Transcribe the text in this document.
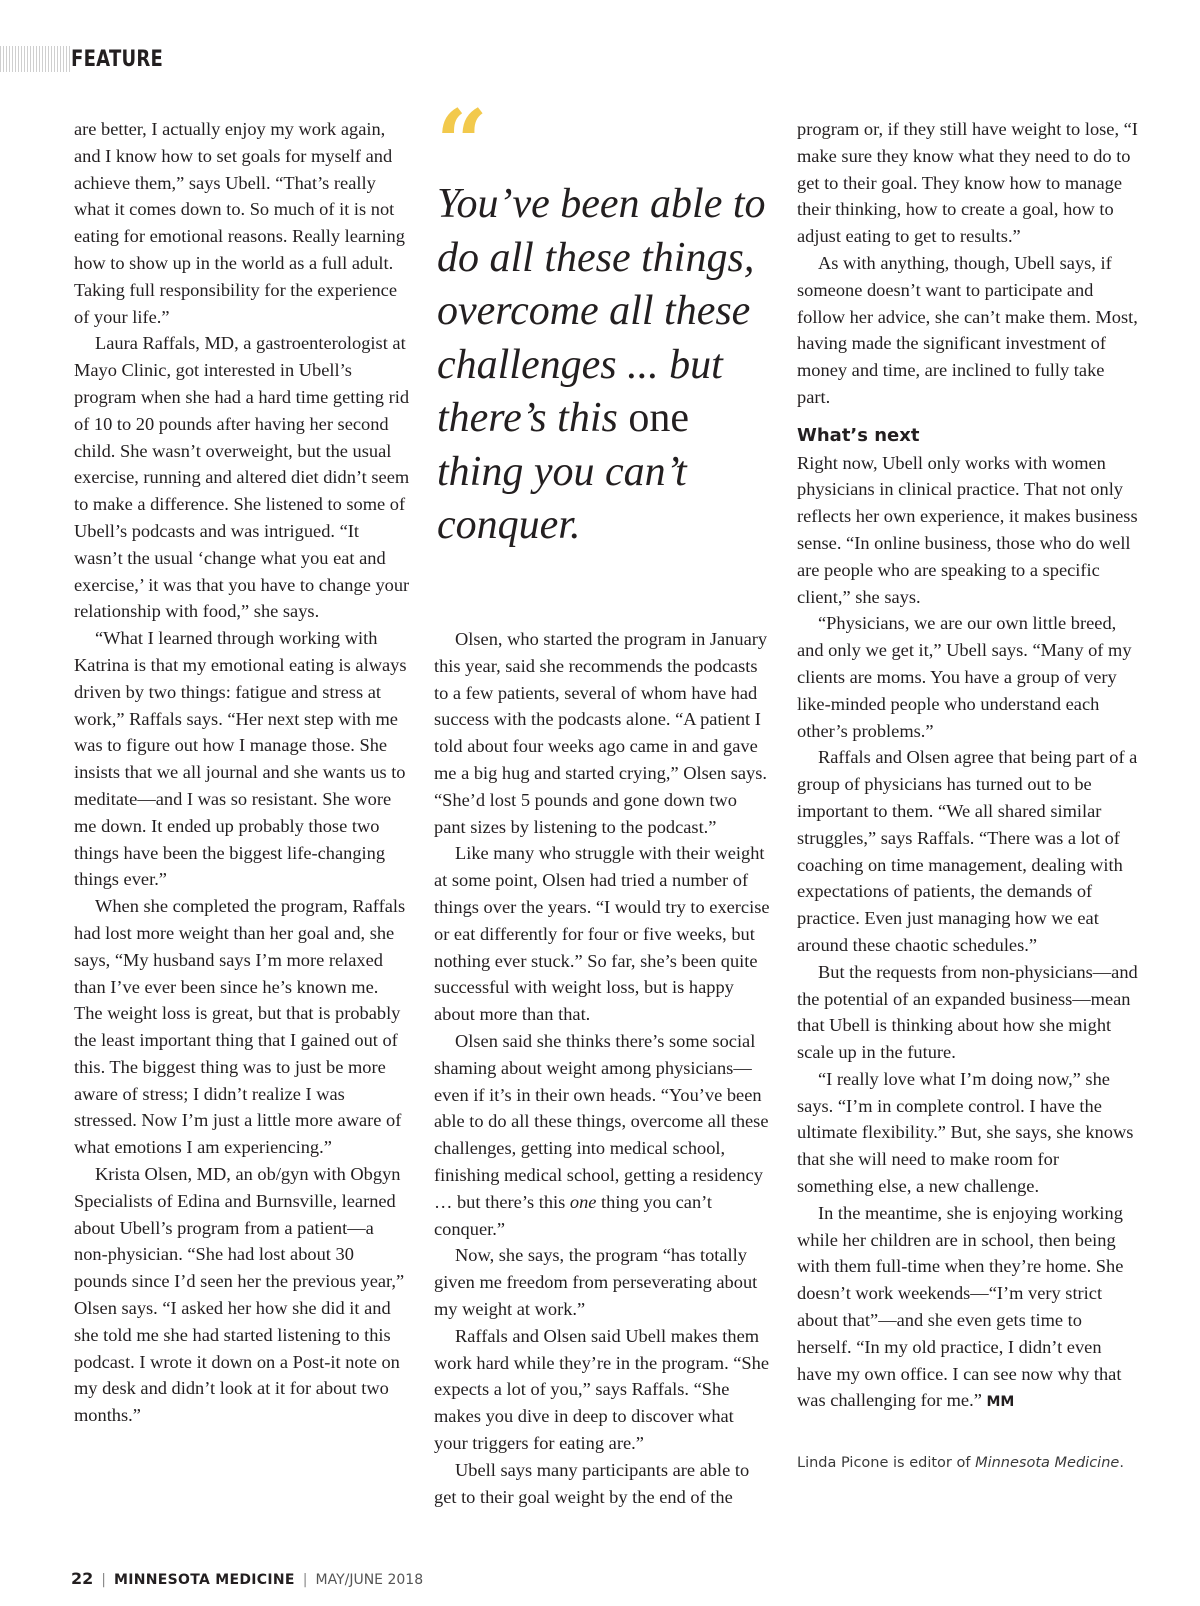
FEATURE

are better, I actually enjoy my work again, and I know how to set goals for myself and achieve them,” says Ubell. “That’s really what it comes down to. So much of it is not eating for emotional reasons. Really learning how to show up in the world as a full adult. Taking full responsibility for the experience of your life.”

Laura Raffals, MD, a gastroenterologist at Mayo Clinic, got interested in Ubell’s program when she had a hard time getting rid of 10 to 20 pounds after having her second child. She wasn’t overweight, but the usual exercise, running and altered diet didn’t seem to make a difference. She listened to some of Ubell’s podcasts and was intrigued. “It wasn’t the usual ‘change what you eat and exercise,’ it was that you have to change your relationship with food,” she says.

“What I learned through working with Katrina is that my emotional eating is always driven by two things: fatigue and stress at work,” Raffals says. “Her next step with me was to figure out how I manage those. She insists that we all journal and she wants us to meditate—and I was so resistant. She wore me down. It ended up probably those two things have been the biggest life-changing things ever.”

When she completed the program, Raffals had lost more weight than her goal and, she says, “My husband says I’m more relaxed than I’ve ever been since he’s known me. The weight loss is great, but that is probably the least important thing that I gained out of this. The biggest thing was to just be more aware of stress; I didn’t realize I was stressed. Now I’m just a little more aware of what emotions I am experiencing.”

Krista Olsen, MD, an ob/gyn with Obgyn Specialists of Edina and Burnsville, learned about Ubell’s program from a patient—a non-physician. “She had lost about 30 pounds since I’d seen her the previous year,” Olsen says. “I asked her how she did it and she told me she had started listening to this podcast. I wrote it down on a Post-it note on my desk and didn’t look at it for about two months.”

“
You’ve been able to do all these things, overcome all these challenges ... but there’s this one thing you can’t conquer.

Olsen, who started the program in January this year, said she recommends the podcasts to a few patients, several of whom have had success with the podcasts alone. “A patient I told about four weeks ago came in and gave me a big hug and started crying,” Olsen says. “She’d lost 5 pounds and gone down two pant sizes by listening to the podcast.”

Like many who struggle with their weight at some point, Olsen had tried a number of things over the years. “I would try to exercise or eat differently for four or five weeks, but nothing ever stuck.” So far, she’s been quite successful with weight loss, but is happy about more than that.

Olsen said she thinks there’s some social shaming about weight among physicians—even if it’s in their own heads. “You’ve been able to do all these things, overcome all these challenges, getting into medical school, finishing medical school, getting a residency … but there’s this one thing you can’t conquer.”

Now, she says, the program “has totally given me freedom from perseverating about my weight at work.”

Raffals and Olsen said Ubell makes them work hard while they’re in the program. “She expects a lot of you,” says Raffals. “She makes you dive in deep to discover what your triggers for eating are.”

Ubell says many participants are able to get to their goal weight by the end of the

program or, if they still have weight to lose, “I make sure they know what they need to do to get to their goal. They know how to manage their thinking, how to create a goal, how to adjust eating to get to results.”

As with anything, though, Ubell says, if someone doesn’t want to participate and follow her advice, she can’t make them. Most, having made the significant investment of money and time, are inclined to fully take part.

What’s next

Right now, Ubell only works with women physicians in clinical practice. That not only reflects her own experience, it makes business sense. “In online business, those who do well are people who are speaking to a specific client,” she says.

“Physicians, we are our own little breed, and only we get it,” Ubell says. “Many of my clients are moms. You have a group of very like-minded people who understand each other’s problems.”

Raffals and Olsen agree that being part of a group of physicians has turned out to be important to them. “We all shared similar struggles,” says Raffals. “There was a lot of coaching on time management, dealing with expectations of patients, the demands of practice. Even just managing how we eat around these chaotic schedules.”

But the requests from non-physicians—and the potential of an expanded business—mean that Ubell is thinking about how she might scale up in the future.

“I really love what I’m doing now,” she says. “I’m in complete control. I have the ultimate flexibility.” But, she says, she knows that she will need to make room for something else, a new challenge.

In the meantime, she is enjoying working while her children are in school, then being with them full-time when they’re home. She doesn’t work weekends—“I’m very strict about that”—and she even gets time to herself. “In my old practice, I didn’t even have my own office. I can see now why that was challenging for me.” MM

Linda Picone is editor of Minnesota Medicine.
22 | MINNESOTA MEDICINE | MAY/JUNE 2018
